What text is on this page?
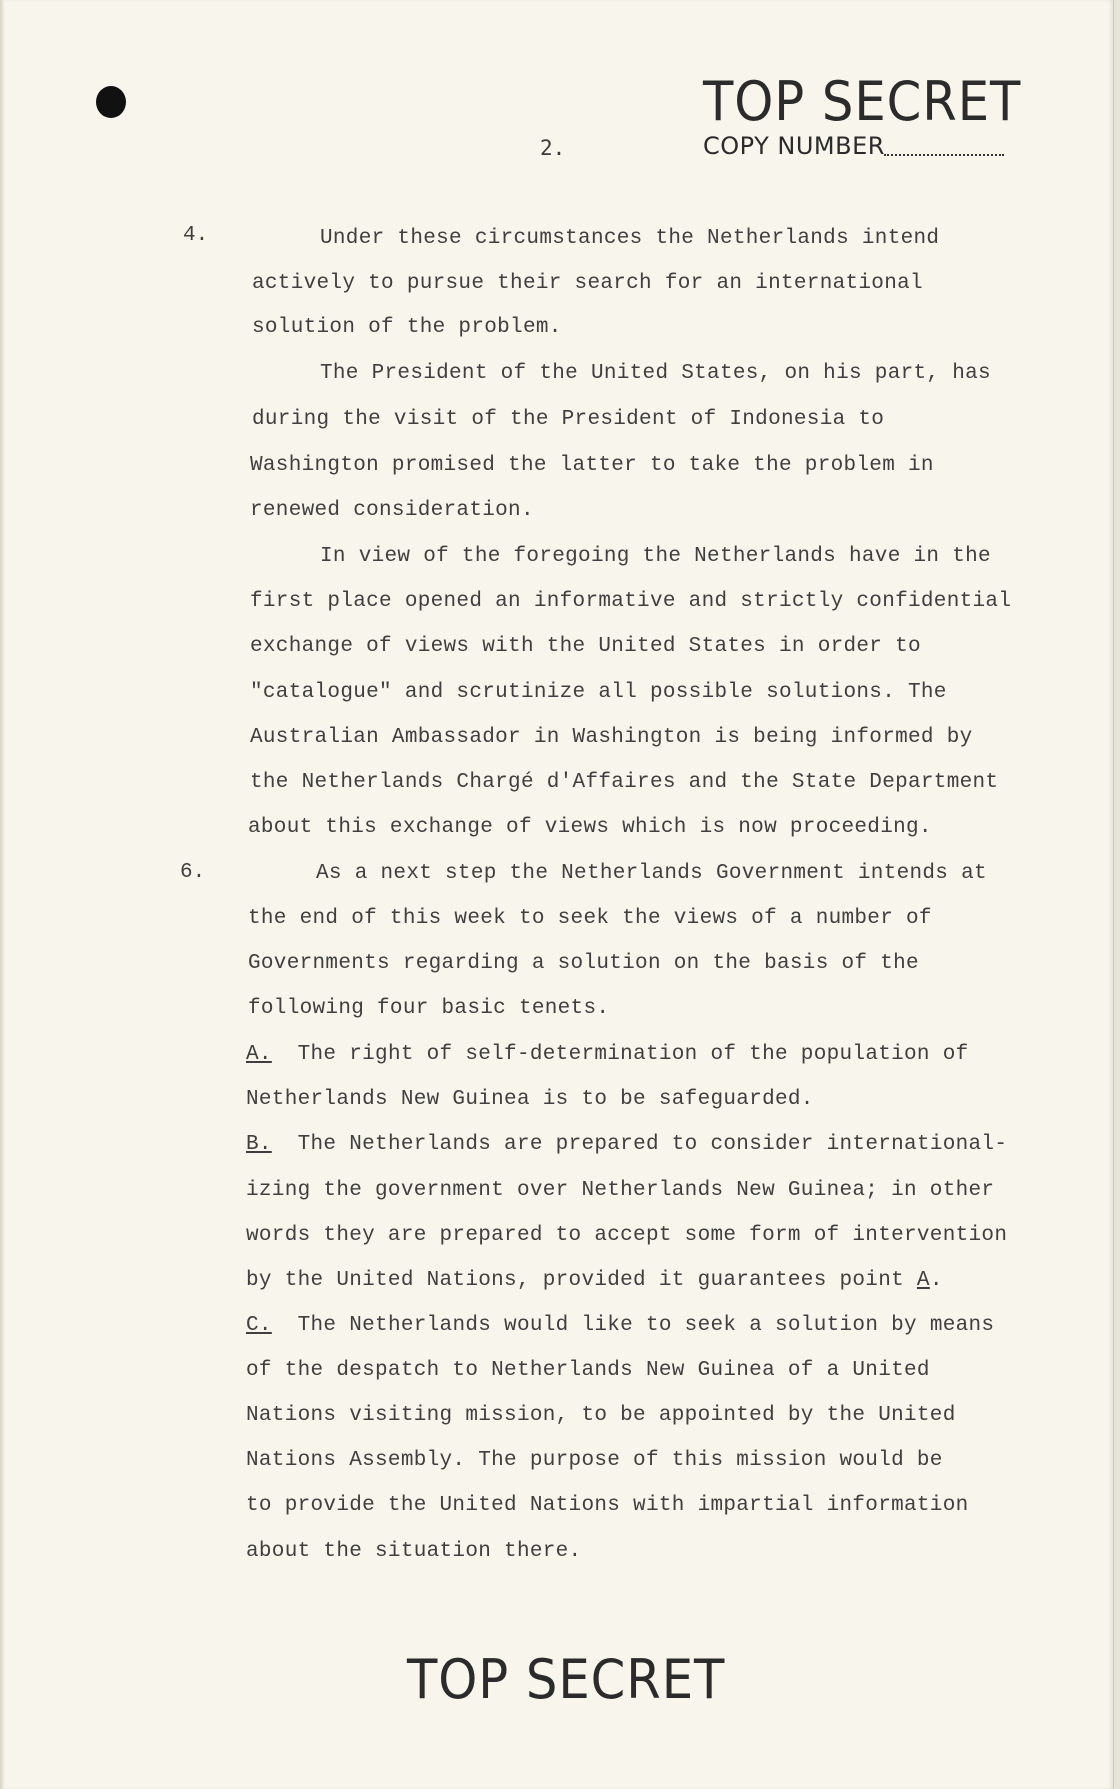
TOP SECRET
COPY NUMBER
2.
4.
6.
Under these circumstances the Netherlands intend
actively to pursue their search for an international
solution of the problem.
The President of the United States, on his part, has
during the visit of the President of Indonesia to
Washington promised the latter to take the problem in
renewed consideration.
In view of the foregoing the Netherlands have in the
first place opened an informative and strictly confidential
exchange of views with the United States in order to
"catalogue" and scrutinize all possible solutions. The
Australian Ambassador in Washington is being informed by
the Netherlands Chargé d'Affaires and the State Department
about this exchange of views which is now proceeding.
As a next step the Netherlands Government intends at
the end of this week to seek the views of a number of
Governments regarding a solution on the basis of the
following four basic tenets.
A. The right of self-determination of the population of
Netherlands New Guinea is to be safeguarded.
B. The Netherlands are prepared to consider international-
izing the government over Netherlands New Guinea; in other
words they are prepared to accept some form of intervention
by the United Nations, provided it guarantees point A.
C. The Netherlands would like to seek a solution by means
of the despatch to Netherlands New Guinea of a United
Nations visiting mission, to be appointed by the United
Nations Assembly. The purpose of this mission would be
to provide the United Nations with impartial information
about the situation there.
TOP SECRET
